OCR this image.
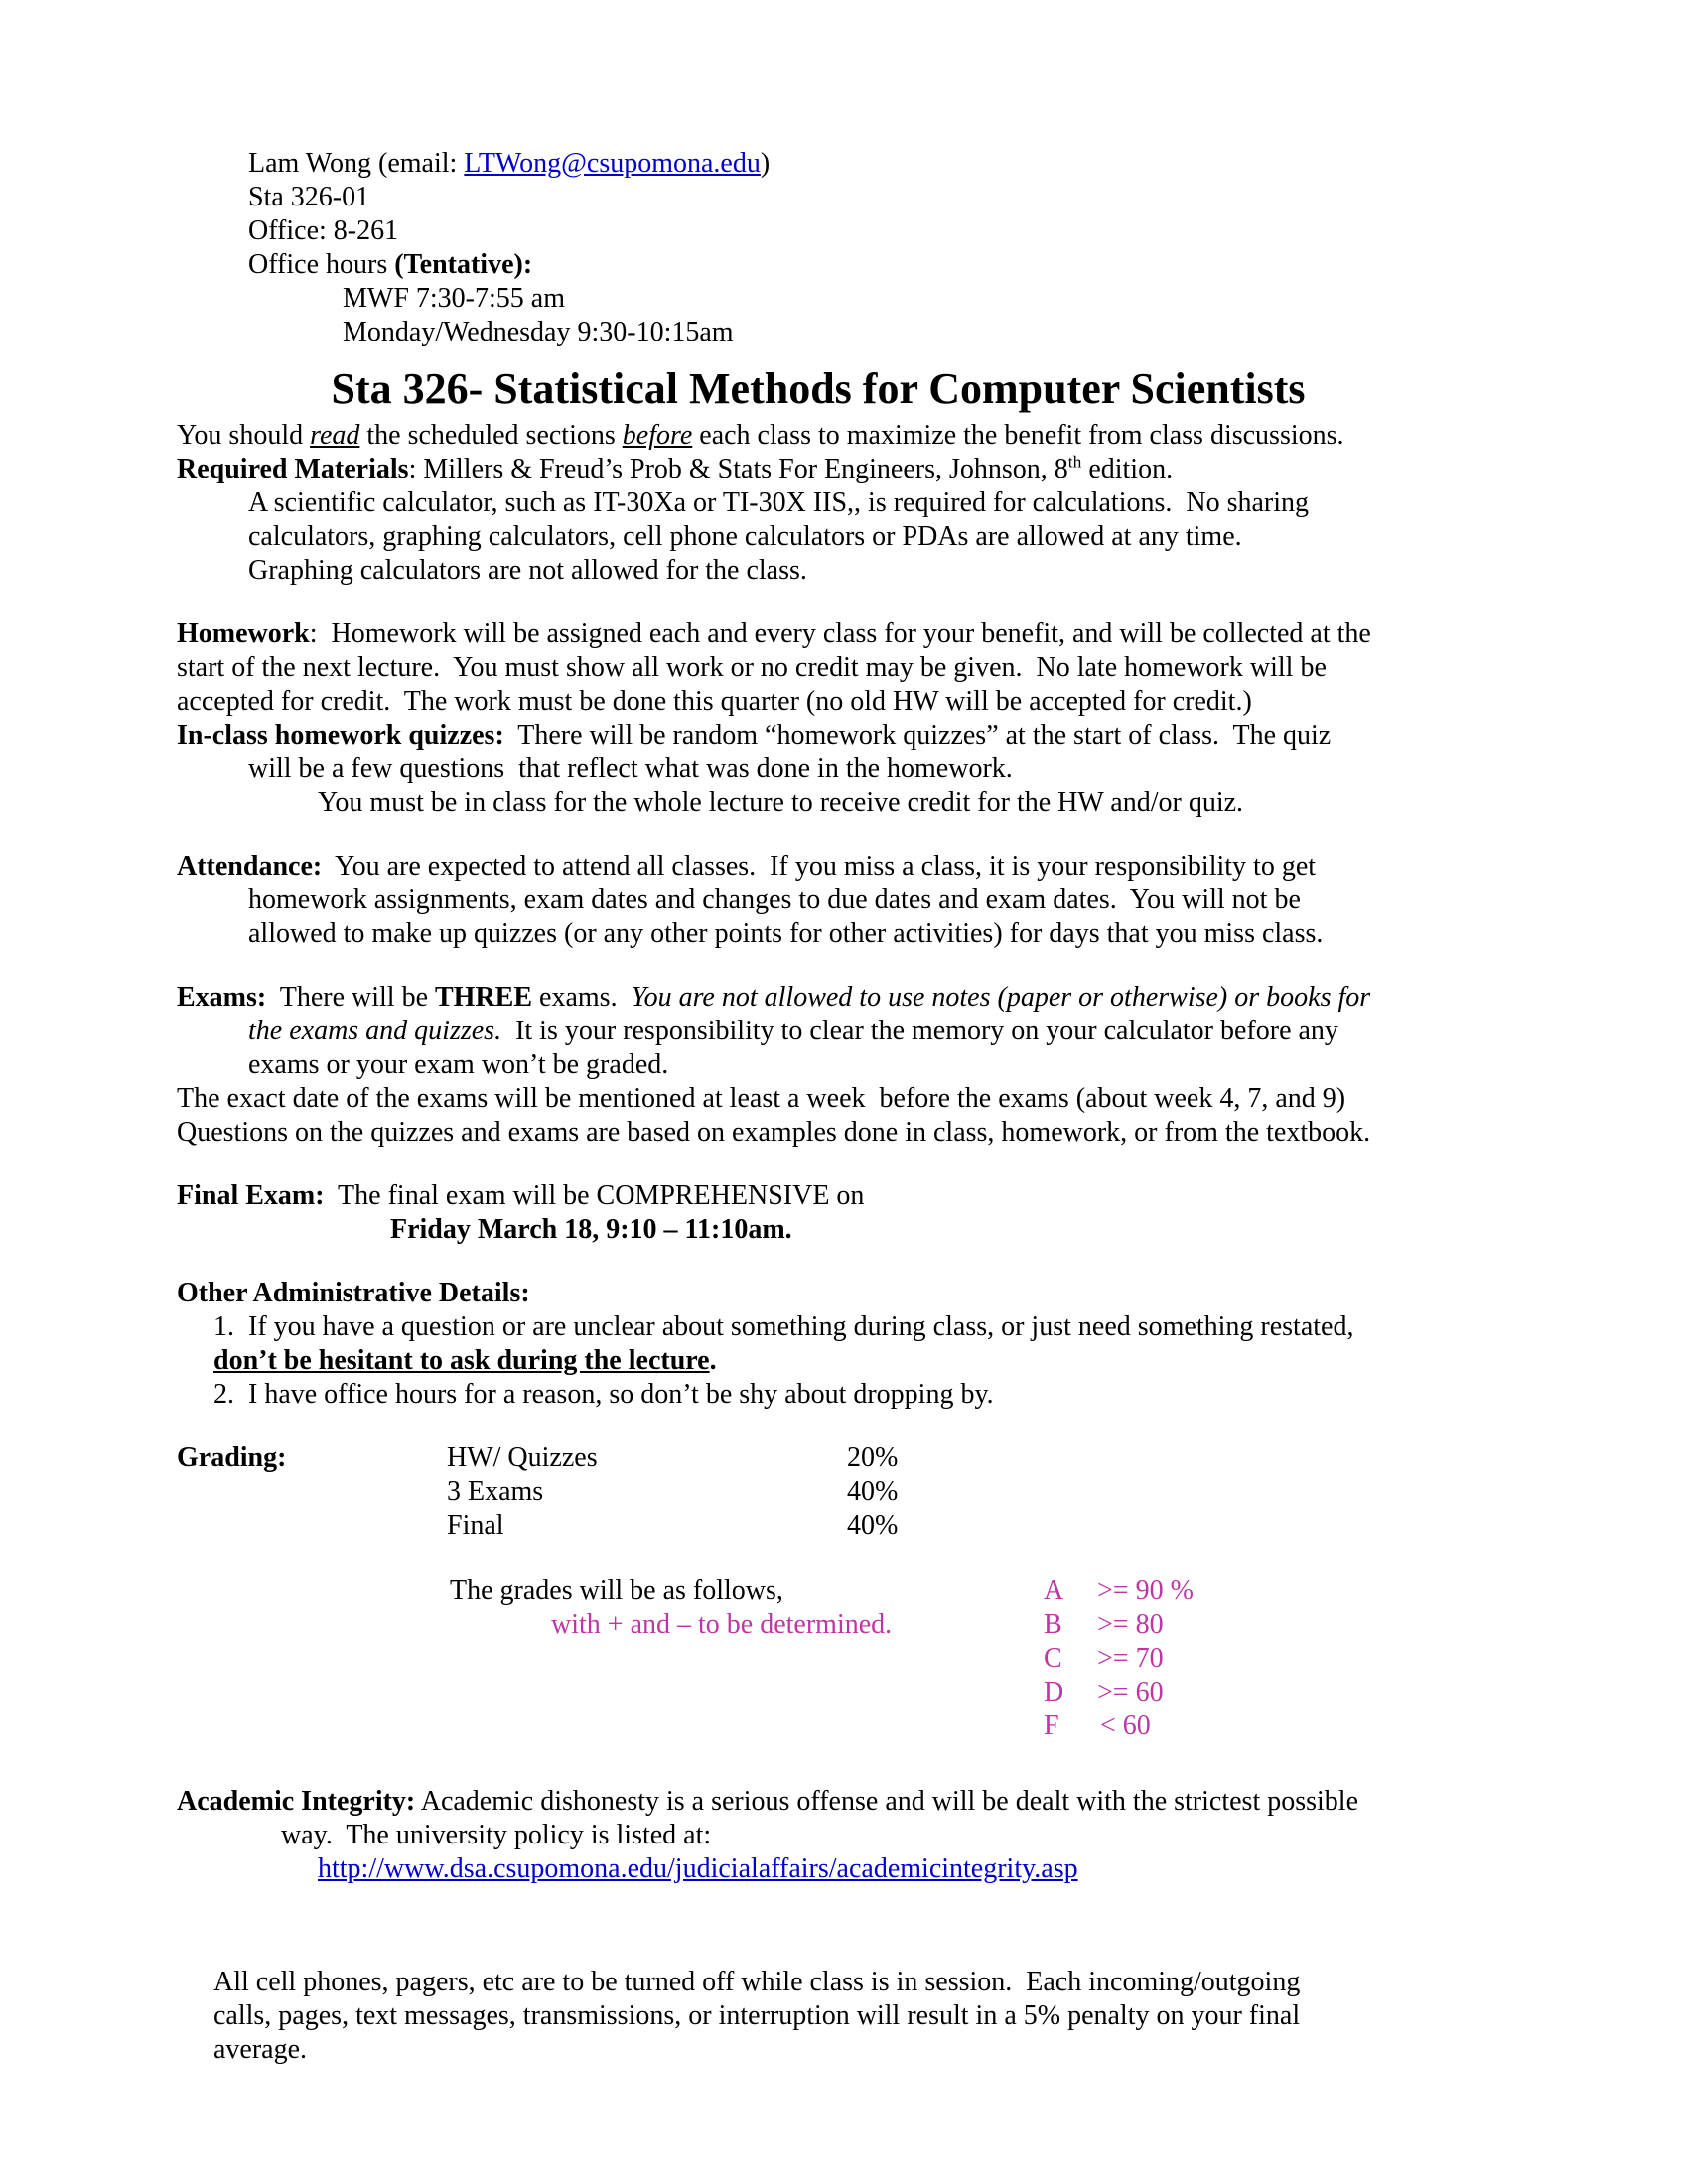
Lam Wong (email: LTWong@csupomona.edu)
Sta 326-01
Office: 8-261
Office hours (Tentative):
MWF 7:30-7:55 am
Monday/Wednesday 9:30-10:15am
Sta 326- Statistical Methods for Computer Scientists
You should read the scheduled sections before each class to maximize the benefit from class discussions.
Required Materials: Millers & Freud’s Prob & Stats For Engineers, Johnson, 8th edition.
A scientific calculator, such as IT-30Xa or TI-30X IIS,, is required for calculations.  No sharing
calculators, graphing calculators, cell phone calculators or PDAs are allowed at any time.
Graphing calculators are not allowed for the class.
Homework:  Homework will be assigned each and every class for your benefit, and will be collected at the
start of the next lecture.  You must show all work or no credit may be given.  No late homework will be
accepted for credit.  The work must be done this quarter (no old HW will be accepted for credit.)
In-class homework quizzes:  There will be random “homework quizzes” at the start of class.  The quiz
will be a few questions  that reflect what was done in the homework.
You must be in class for the whole lecture to receive credit for the HW and/or quiz.
Attendance:  You are expected to attend all classes.  If you miss a class, it is your responsibility to get
homework assignments, exam dates and changes to due dates and exam dates.  You will not be
allowed to make up quizzes (or any other points for other activities) for days that you miss class.
Exams:  There will be THREE exams.  You are not allowed to use notes (paper or otherwise) or books for
the exams and quizzes.  It is your responsibility to clear the memory on your calculator before any
exams or your exam won’t be graded.
The exact date of the exams will be mentioned at least a week  before the exams (about week 4, 7, and 9)
Questions on the quizzes and exams are based on examples done in class, homework, or from the textbook.
Final Exam:  The final exam will be COMPREHENSIVE on
Friday March 18, 9:10 – 11:10am.
Other Administrative Details:
1.  If you have a question or are unclear about something during class, or just need something restated,
don’t be hesitant to ask during the lecture.
2.  I have office hours for a reason, so don’t be shy about dropping by.
Grading:	HW/ Quizzes	20%
3 Exams	40%
Final	40%
The grades will be as follows,	A >= 90 %
with + and – to be determined.	B >= 80
C >= 70
D >= 60
F < 60
Academic Integrity: Academic dishonesty is a serious offense and will be dealt with the strictest possible
way.  The university policy is listed at:
http://www.dsa.csupomona.edu/judicialaffairs/academicintegrity.asp
All cell phones, pagers, etc are to be turned off while class is in session.  Each incoming/outgoing
calls, pages, text messages, transmissions, or interruption will result in a 5% penalty on your final
average.
